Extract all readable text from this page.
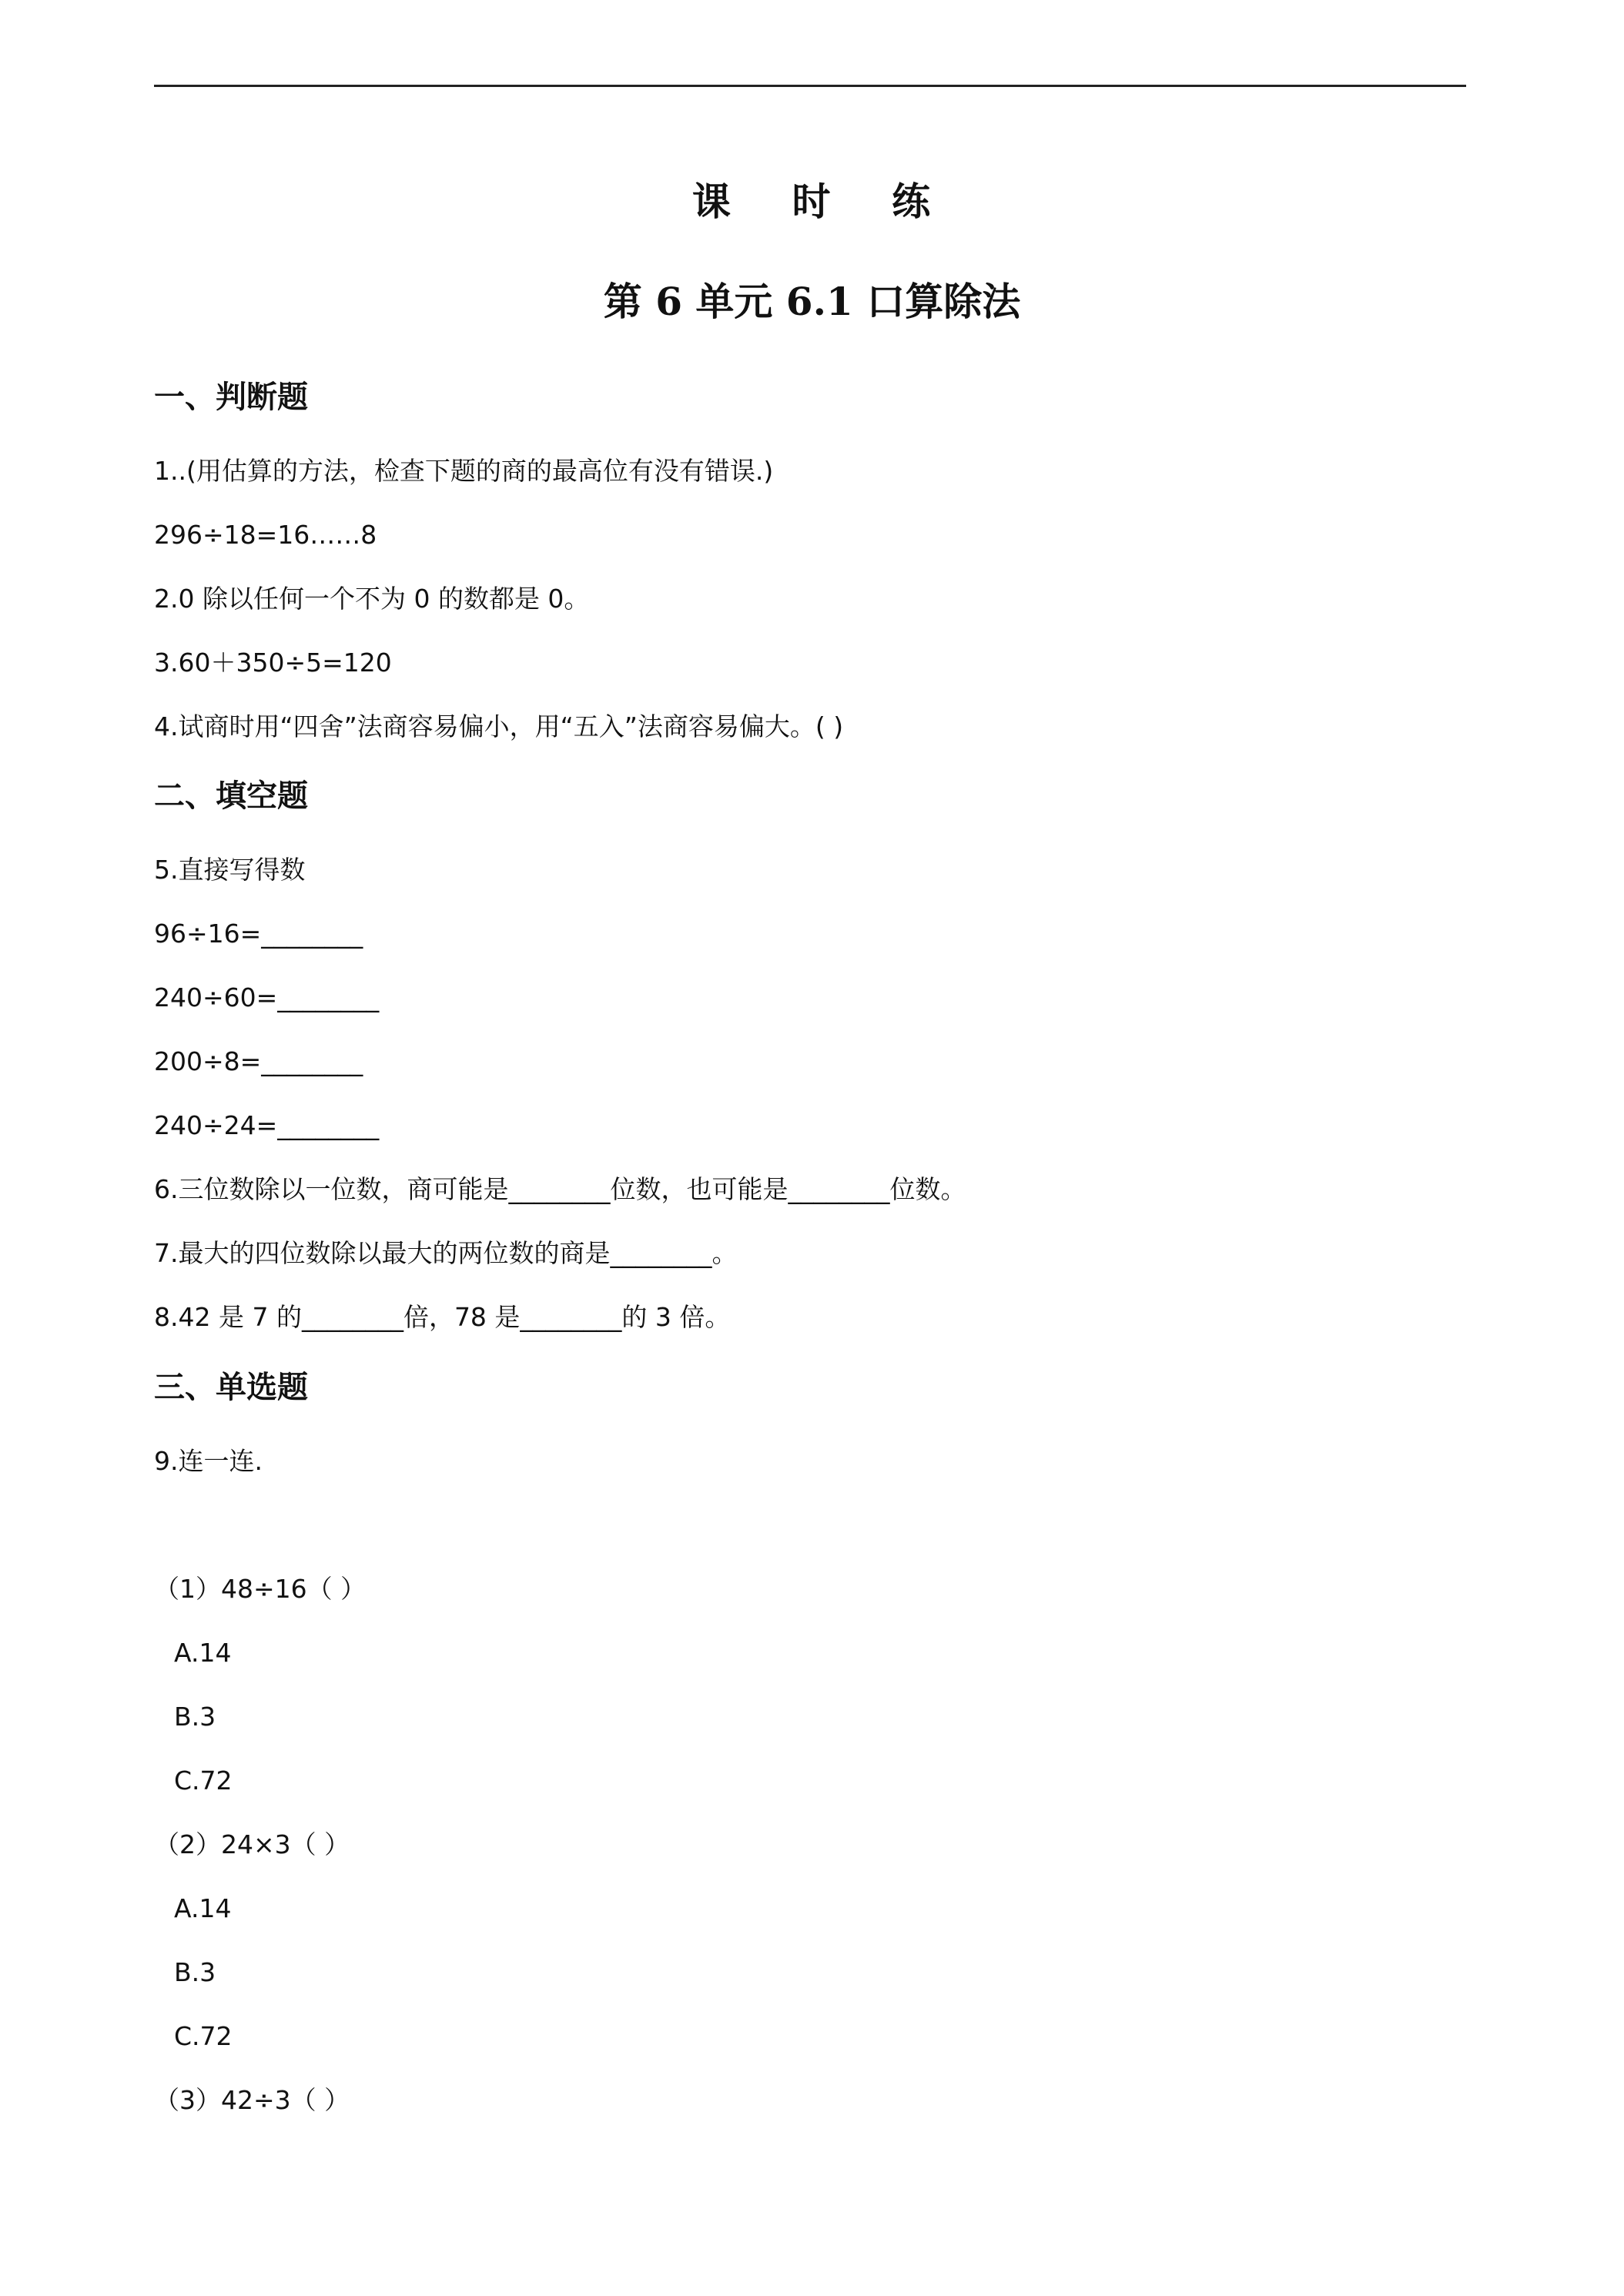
课    时    练
第 6 单元 6.1 口算除法
一、判断题
1..(用估算的方法，检查下题的商的最高位有没有错误.)
296÷18=16……8
2.0 除以任何一个不为 0 的数都是 0。
3.60＋350÷5=120
4.试商时用“四舍”法商容易偏小，用“五入”法商容易偏大。( )
二、填空题
5.直接写得数
96÷16=________
240÷60=________
200÷8=________
240÷24=________
6.三位数除以一位数，商可能是________位数，也可能是________位数。
7.最大的四位数除以最大的两位数的商是________。
8.42 是 7 的________倍，78 是________的 3 倍。
三、单选题
9.连一连.
（1）48÷16（ ）
A.14
B.3
C.72
（2）24×3（ ）
A.14
B.3
C.72
（3）42÷3（ ）
